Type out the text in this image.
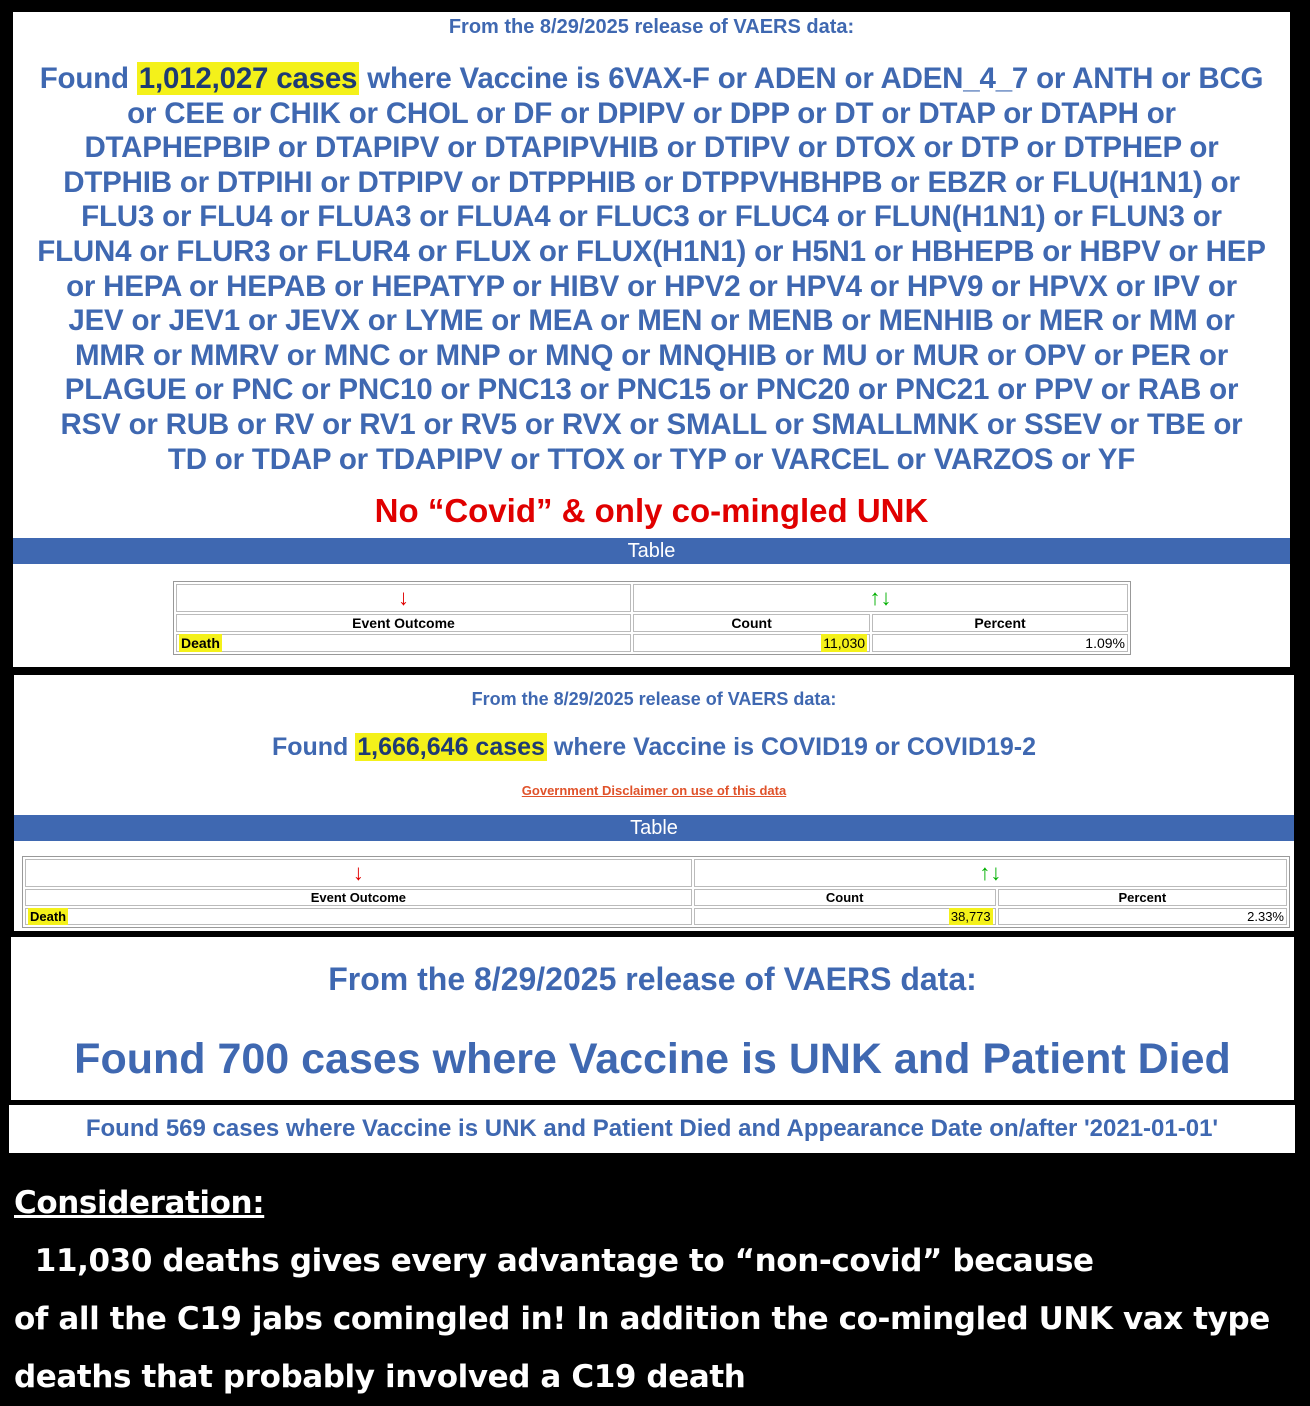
From the 8/29/2025 release of VAERS data:
Found 1,012,027 cases where Vaccine is 6VAX-F or ADEN or ADEN_4_7 or ANTH or BCG
or CEE or CHIK or CHOL or DF or DPIPV or DPP or DT or DTAP or DTAPH or
DTAPHEPBIP or DTAPIPV or DTAPIPVHIB or DTIPV or DTOX or DTP or DTPHEP or
DTPHIB or DTPIHI or DTPIPV or DTPPHIB or DTPPVHBHPB or EBZR or FLU(H1N1) or
FLU3 or FLU4 or FLUA3 or FLUA4 or FLUC3 or FLUC4 or FLUN(H1N1) or FLUN3 or
FLUN4 or FLUR3 or FLUR4 or FLUX or FLUX(H1N1) or H5N1 or HBHEPB or HBPV or HEP
or HEPA or HEPAB or HEPATYP or HIBV or HPV2 or HPV4 or HPV9 or HPVX or IPV or
JEV or JEV1 or JEVX or LYME or MEA or MEN or MENB or MENHIB or MER or MM or
MMR or MMRV or MNC or MNP or MNQ or MNQHIB or MU or MUR or OPV or PER or
PLAGUE or PNC or PNC10 or PNC13 or PNC15 or PNC20 or PNC21 or PPV or RAB or
RSV or RUB or RV or RV1 or RV5 or RVX or SMALL or SMALLMNK or SSEV or TBE or
TD or TDAP or TDAPIPV or TTOX or TYP or VARCEL or VARZOS or YF
No “Covid” & only co-mingled UNK
Table
↓	↑↓	
Event Outcome	Count	Percent
Death	11,030	1.09%
From the 8/29/2025 release of VAERS data:
Found 1,666,646 cases where Vaccine is COVID19 or COVID19-2
Government Disclaimer on use of this data
Table
↓	↑↓	
Event Outcome	Count	Percent
Death	38,773	2.33%
From the 8/29/2025 release of VAERS data:
Found 700 cases where Vaccine is UNK and Patient Died
Found 569 cases where Vaccine is UNK and Patient Died and Appearance Date on/after '2021-01-01'
Consideration:  11,030 deaths gives every advantage to “non-covid” because
of all the C19 jabs comingled in! In addition the co-mingled UNK vax type
deaths that probably involved a C19 death
